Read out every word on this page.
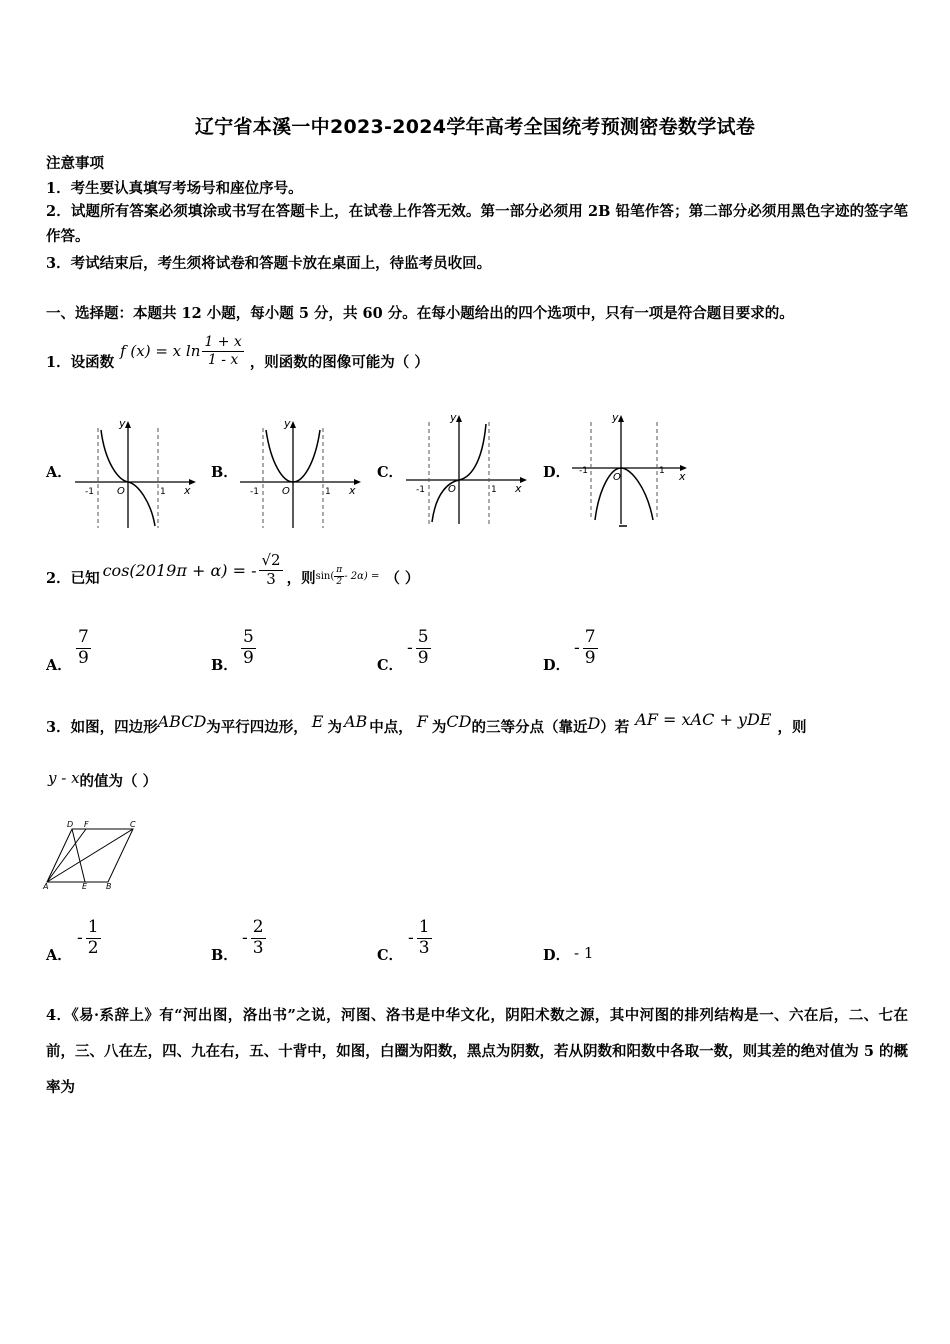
辽宁省本溪一中2023-2024学年高考全国统考预测密卷数学试卷
注意事项
1．考生要认真填写考场号和座位序号。
2．试题所有答案必须填涂或书写在答题卡上，在试卷上作答无效。第一部分必须用 2B 铅笔作答；第二部分必须用黑色字迹的签字笔作答。
3．考试结束后，考生须将试卷和答题卡放在桌面上，待监考员收回。
一、选择题：本题共 12 小题，每小题 5 分，共 60 分。在每小题给出的四个选项中，只有一项是符合题目要求的。
1．设函数
f (x) = x $\ln \frac{1 + x}{1 - x}$ ，则函数的图像可能为（ ）
A．	B．	C．	D．
y
x
O
-1	1
y
x
O
-1	1
y
x
O
-1	1
y
x
O
-1	1
2．已知 cos(2019π + α) = - $\frac{√2}{3}$ ，则 $\sin( \frac{\pi}{2} - 2\alpha)$ = （ ）
A． $\frac{7}{9}$	B． $\frac{5}{9}$	C．
- $\frac{5}{9}$	D．
- $\frac{7}{9}$
3．如图，四边形 ABCD 为平行四边形， E 为 AB 中点， F 为 CD 的三等分点（靠近 D ）若 AF = xAC + yDE ，则
y - x 的值为（ ）
D F	C
A	E B
A．
- $\frac{1}{2}$	B．
- $\frac{2}{3}$	C．
- $\frac{1}{3}$	D． - 1
4．《易·系辞上》有“河出图，洛出书”之说，河图、洛书是中华文化，阴阳术数之源，其中河图的排列结构是一、六在后，二、七在前，三、八在左，四、九在右，五、十背中，如图，白圈为阳数，黑点为阴数，若从阴数和阳数中各取一数，则其差的绝对值为 5 的概率为
